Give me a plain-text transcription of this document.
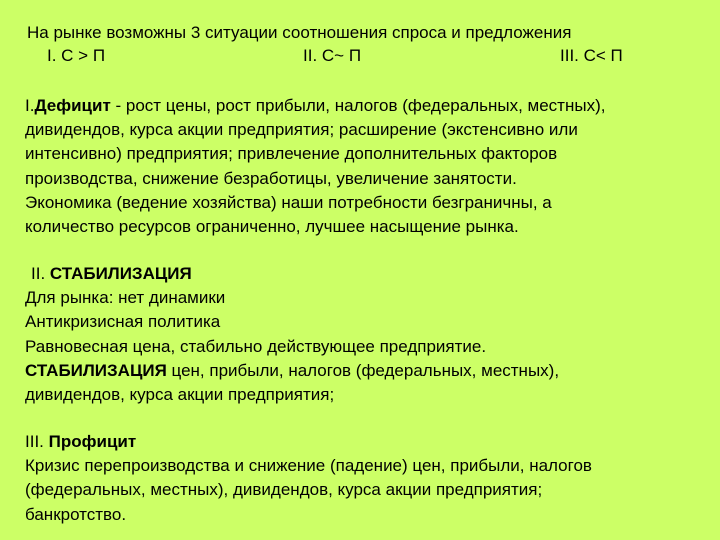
На рынке возможны 3 ситуации соотношения спроса и предложения
I. С > П	II. С~ П	III. С< П

I.Дефицит - рост цены, рост прибыли, налогов (федеральных, местных),

дивидендов, курса акции предприятия; расширение (экстенсивно или

интенсивно) предприятия; привлечение дополнительных факторов

производства, снижение безработицы, увеличение занятости.

Экономика (ведение хозяйства) наши потребности безграничны, а

количество ресурсов ограниченно, лучшее насыщение рынка.

II. СТАБИЛИЗАЦИЯ

Для рынка: нет динамики

Антикризисная политика

Равновесная цена, стабильно действующее предприятие.

СТАБИЛИЗАЦИЯ цен, прибыли, налогов (федеральных, местных),

дивидендов, курса акции предприятия;

III. Профицит

Кризис перепроизводства и снижение (падение) цен, прибыли, налогов

(федеральных, местных), дивидендов, курса акции предприятия;

банкротство.
